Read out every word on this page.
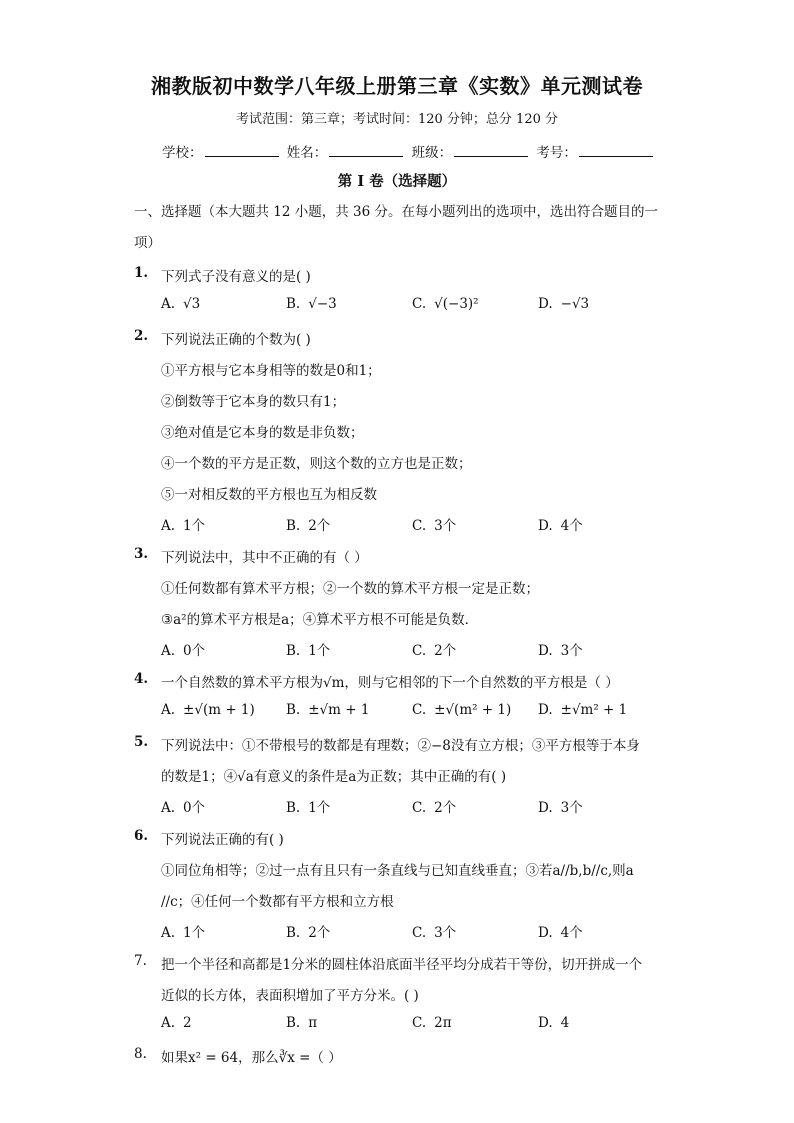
湘教版初中数学八年级上册第三章《实数》单元测试卷
考试范围：第三章；考试时间：120 分钟；总分 120 分
学校：	姓名：	班级：	考号：
第 I 卷（选择题）
一、选择题（本大题共 12 小题，共 36 分。在每小题列出的选项中，选出符合题目的一
项）
1. 下列式子没有意义的是( )
A. √3	B. √−3	C. √(−3)²	D. −√3
2. 下列说法正确的个数为( )
①平方根与它本身相等的数是0和1；
②倒数等于它本身的数只有1；
③绝对值是它本身的数是非负数；
④一个数的平方是正数，则这个数的立方也是正数；
⑤一对相反数的平方根也互为相反数
A. 1个	B. 2个	C. 3个	D. 4个
3. 下列说法中，其中不正确的有（ ）
①任何数都有算术平方根；②一个数的算术平方根一定是正数；
③a²的算术平方根是a；④算术平方根不可能是负数．
A. 0个	B. 1个	C. 2个	D. 3个
4. 一个自然数的算术平方根为√m，则与它相邻的下一个自然数的平方根是（ ）
A. ±√(m + 1) B. ±√m + 1	C. ±√(m² + 1) D. ±√m² + 1
5. 下列说法中：①不带根号的数都是有理数；②−8没有立方根；③平方根等于本身
的数是1；④√a有意义的条件是a为正数；其中正确的有( )
A. 0个	B. 1个	C. 2个	D. 3个
6. 下列说法正确的有( )
①同位角相等；②过一点有且只有一条直线与已知直线垂直；③若a//b,b//c,则a
//c；④任何一个数都有平方根和立方根
A. 1个	B. 2个	C. 3个	D. 4个
7. 把一个半径和高都是1分米的圆柱体沿底面半径平均分成若干等份，切开拼成一个
近似的长方体，表面积增加了平方分米。( )
A. 2	B. π	C. 2π	D. 4
8. 如果x² = 64，那么∛x =（ ）
